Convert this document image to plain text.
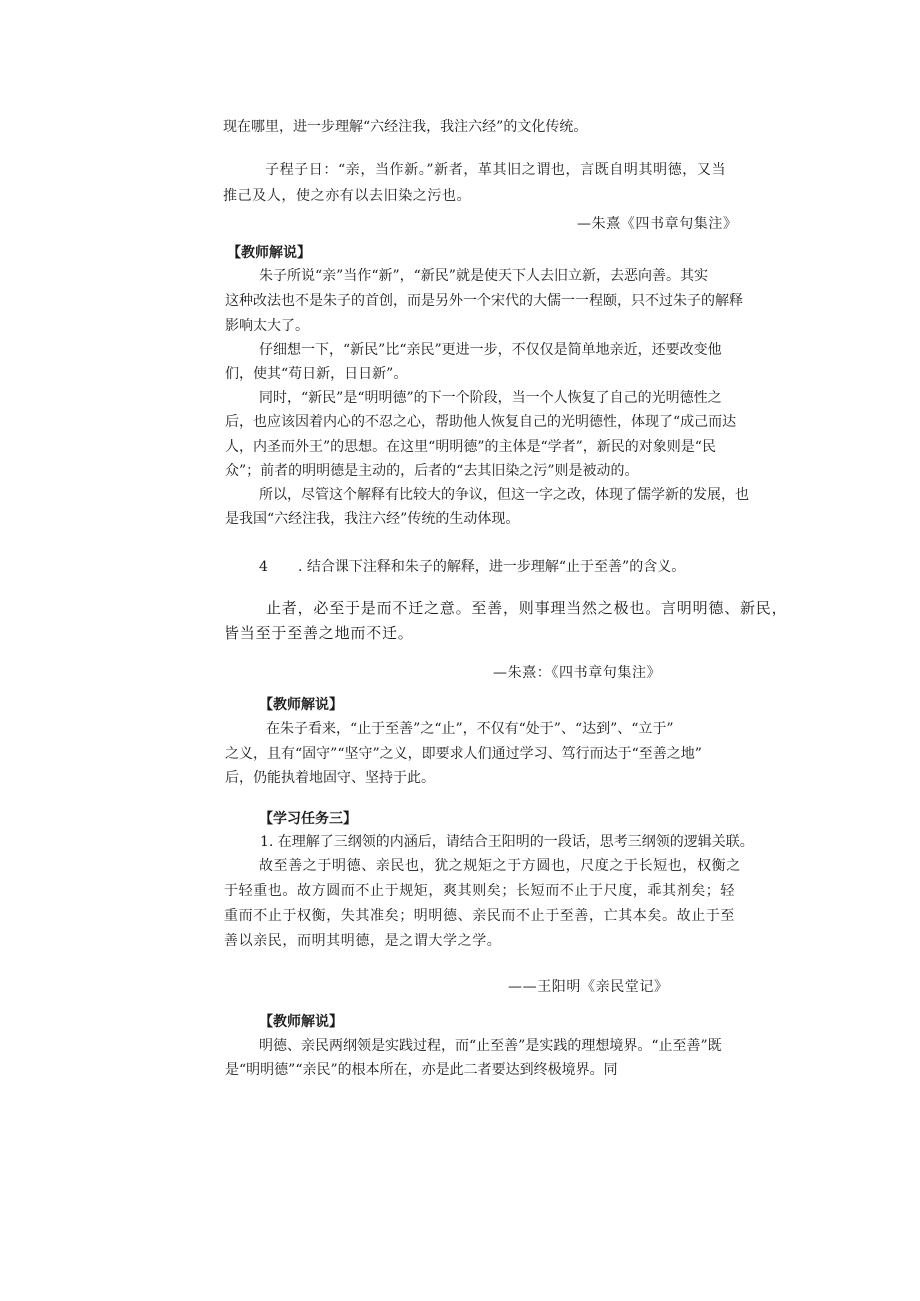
现在哪里，进一步理解“六经注我，我注六经”的文化传统。
子程子日：“亲，当作新。”新者，革其旧之谓也，言既自明其明德，又当
推己及人，使之亦有以去旧染之污也。
—朱熹《四书章句集注》
【教师解说】
朱子所说“亲”当作“新”，“新民”就是使天下人去旧立新，去恶向善。其实
这种改法也不是朱子的首创，而是另外一个宋代的大儒一一程颐，只不过朱子的解释
影响太大了。
仔细想一下，“新民”比“亲民”更进一步，不仅仅是简单地亲近，还要改变他
们，使其“苟日新，日日新”。
同时，“新民”是“明明德”的下一个阶段，当一个人恢复了自己的光明德性之
后，也应该因着内心的不忍之心，帮助他人恢复自己的光明德性，体现了“成己而达
人，内圣而外王”的思想。在这里“明明德”的主体是“学者”，新民的对象则是“民
众”；前者的明明德是主动的，后者的“去其旧染之污”则是被动的。
所以，尽管这个解释有比较大的争议，但这一字之改，体现了儒学新的发展，也
是我国“六经注我，我注六经”传统的生动体现。
4 . 结合课下注释和朱子的解释，进一步理解“止于至善”的含义。
止者，必至于是而不迁之意。至善，则事理当然之极也。言明明德、新民，
皆当至于至善之地而不迁。
—朱熹：《四书章句集注》
【教师解说】
在朱子看来，“止于至善”之“止”，不仅有“处于”、“达到”、“立于”
之义，且有“固守”“坚守”之义，即要求人们通过学习、笃行而达于“至善之地”
后，仍能执着地固守、坚持于此。
【学习任务三】
1. 在理解了三纲领的内涵后，请结合王阳明的一段话，思考三纲领的逻辑关联。
故至善之于明德、亲民也，犹之规矩之于方圆也，尺度之于长短也，权衡之
于轻重也。故方圆而不止于规矩，爽其则矣；长短而不止于尺度，乖其剂矣；轻
重而不止于权衡，失其准矣；明明德、亲民而不止于至善，亡其本矣。故止于至
善以亲民，而明其明德，是之谓大学之学。
——王阳明《亲民堂记》
【教师解说】
明德、亲民两纲领是实践过程，而“止至善”是实践的理想境界。“止至善”既
是“明明德”“亲民”的根本所在，亦是此二者要达到终极境界。同
